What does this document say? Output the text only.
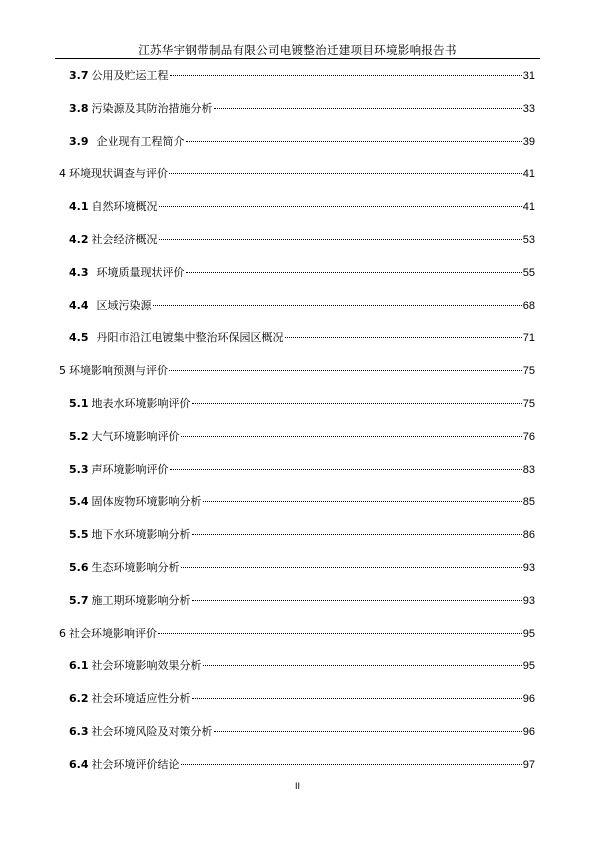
江苏华宇钢带制品有限公司电镀整治迁建项目环境影响报告书
3.7 公用及贮运工程	31
3.8 污染源及其防治措施分析	33
3.9 企业现有工程简介	39
4 环境现状调查与评价	41
4.1 自然环境概况	41
4.2 社会经济概况	53
4.3 环境质量现状评价	55
4.4 区域污染源	68
4.5 丹阳市沿江电镀集中整治环保园区概况	71
5 环境影响预测与评价	75
5.1 地表水环境影响评价	75
5.2 大气环境影响评价	76
5.3 声环境影响评价	83
5.4 固体废物环境影响分析	85
5.5 地下水环境影响分析	86
5.6 生态环境影响分析	93
5.7 施工期环境影响分析	93
6 社会环境影响评价	95
6.1 社会环境影响效果分析	95
6.2 社会环境适应性分析	96
6.3 社会环境风险及对策分析	96
6.4 社会环境评价结论	97
II
